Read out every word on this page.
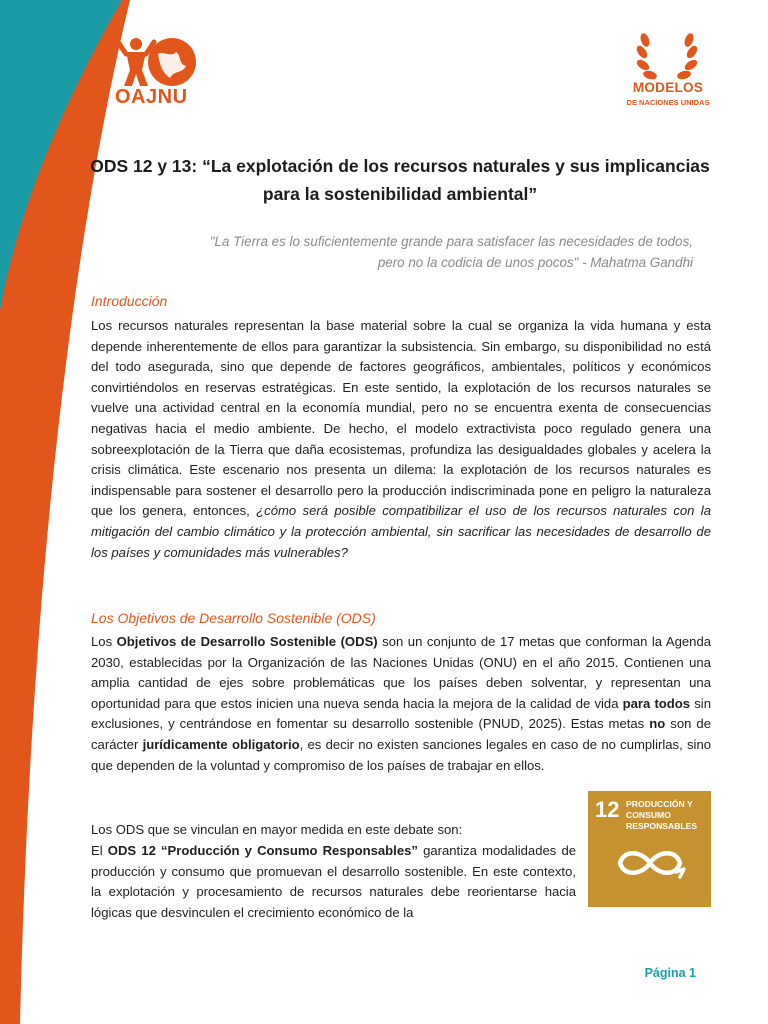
OAJNU	MODELOS
DE NACIONES UNIDAS
ODS 12 y 13: “La explotación de los recursos naturales y sus implicancias para la sostenibilidad ambiental”
"La Tierra es lo suficientemente grande para satisfacer las necesidades de todos,
pero no la codicia de unos pocos" - Mahatma Gandhi
Introducción
Los recursos naturales representan la base material sobre la cual se organiza la vida humana y esta depende inherentemente de ellos para garantizar la subsistencia. Sin embargo, su disponibilidad no está del todo asegurada, sino que depende de factores geográficos, ambientales, políticos y económicos convirtiéndolos en reservas estratégicas. En este sentido, la explotación de los recursos naturales se vuelve una actividad central en la economía mundial, pero no se encuentra exenta de consecuencias negativas hacia el medio ambiente. De hecho, el modelo extractivista poco regulado genera una sobreexplotación de la Tierra que daña ecosistemas, profundiza las desigualdades globales y acelera la crisis climática. Este escenario nos presenta un dilema: la explotación de los recursos naturales es indispensable para sostener el desarrollo pero la producción indiscriminada pone en peligro la naturaleza que los genera, entonces, ¿cómo será posible compatibilizar el uso de los recursos naturales con la mitigación del cambio climático y la protección ambiental, sin sacrificar las necesidades de desarrollo de los países y comunidades más vulnerables?
Los Objetivos de Desarrollo Sostenible (ODS)
Los Objetivos de Desarrollo Sostenible (ODS) son un conjunto de 17 metas que conforman la Agenda 2030, establecidas por la Organización de las Naciones Unidas (ONU) en el año 2015. Contienen una amplia cantidad de ejes sobre problemáticas que los países deben solventar, y representan una oportunidad para que estos inicien una nueva senda hacia la mejora de la calidad de vida para todos sin exclusiones, y centrándose en fomentar su desarrollo sostenible (PNUD, 2025). Estas metas no son de carácter jurídicamente obligatorio, es decir no existen sanciones legales en caso de no cumplirlas, sino que dependen de la voluntad y compromiso de los países de trabajar en ellos.
Los ODS que se vinculan en mayor medida en este debate son:
El ODS 12 “Producción y Consumo Responsables” garantiza modalidades de producción y consumo que promuevan el desarrollo sostenible. En este contexto, la explotación y procesamiento de recursos naturales debe reorientarse hacia lógicas que desvinculen el crecimiento económico de la
12 PRODUCCIÓN Y CONSUMO RESPONSABLES
Página 1
